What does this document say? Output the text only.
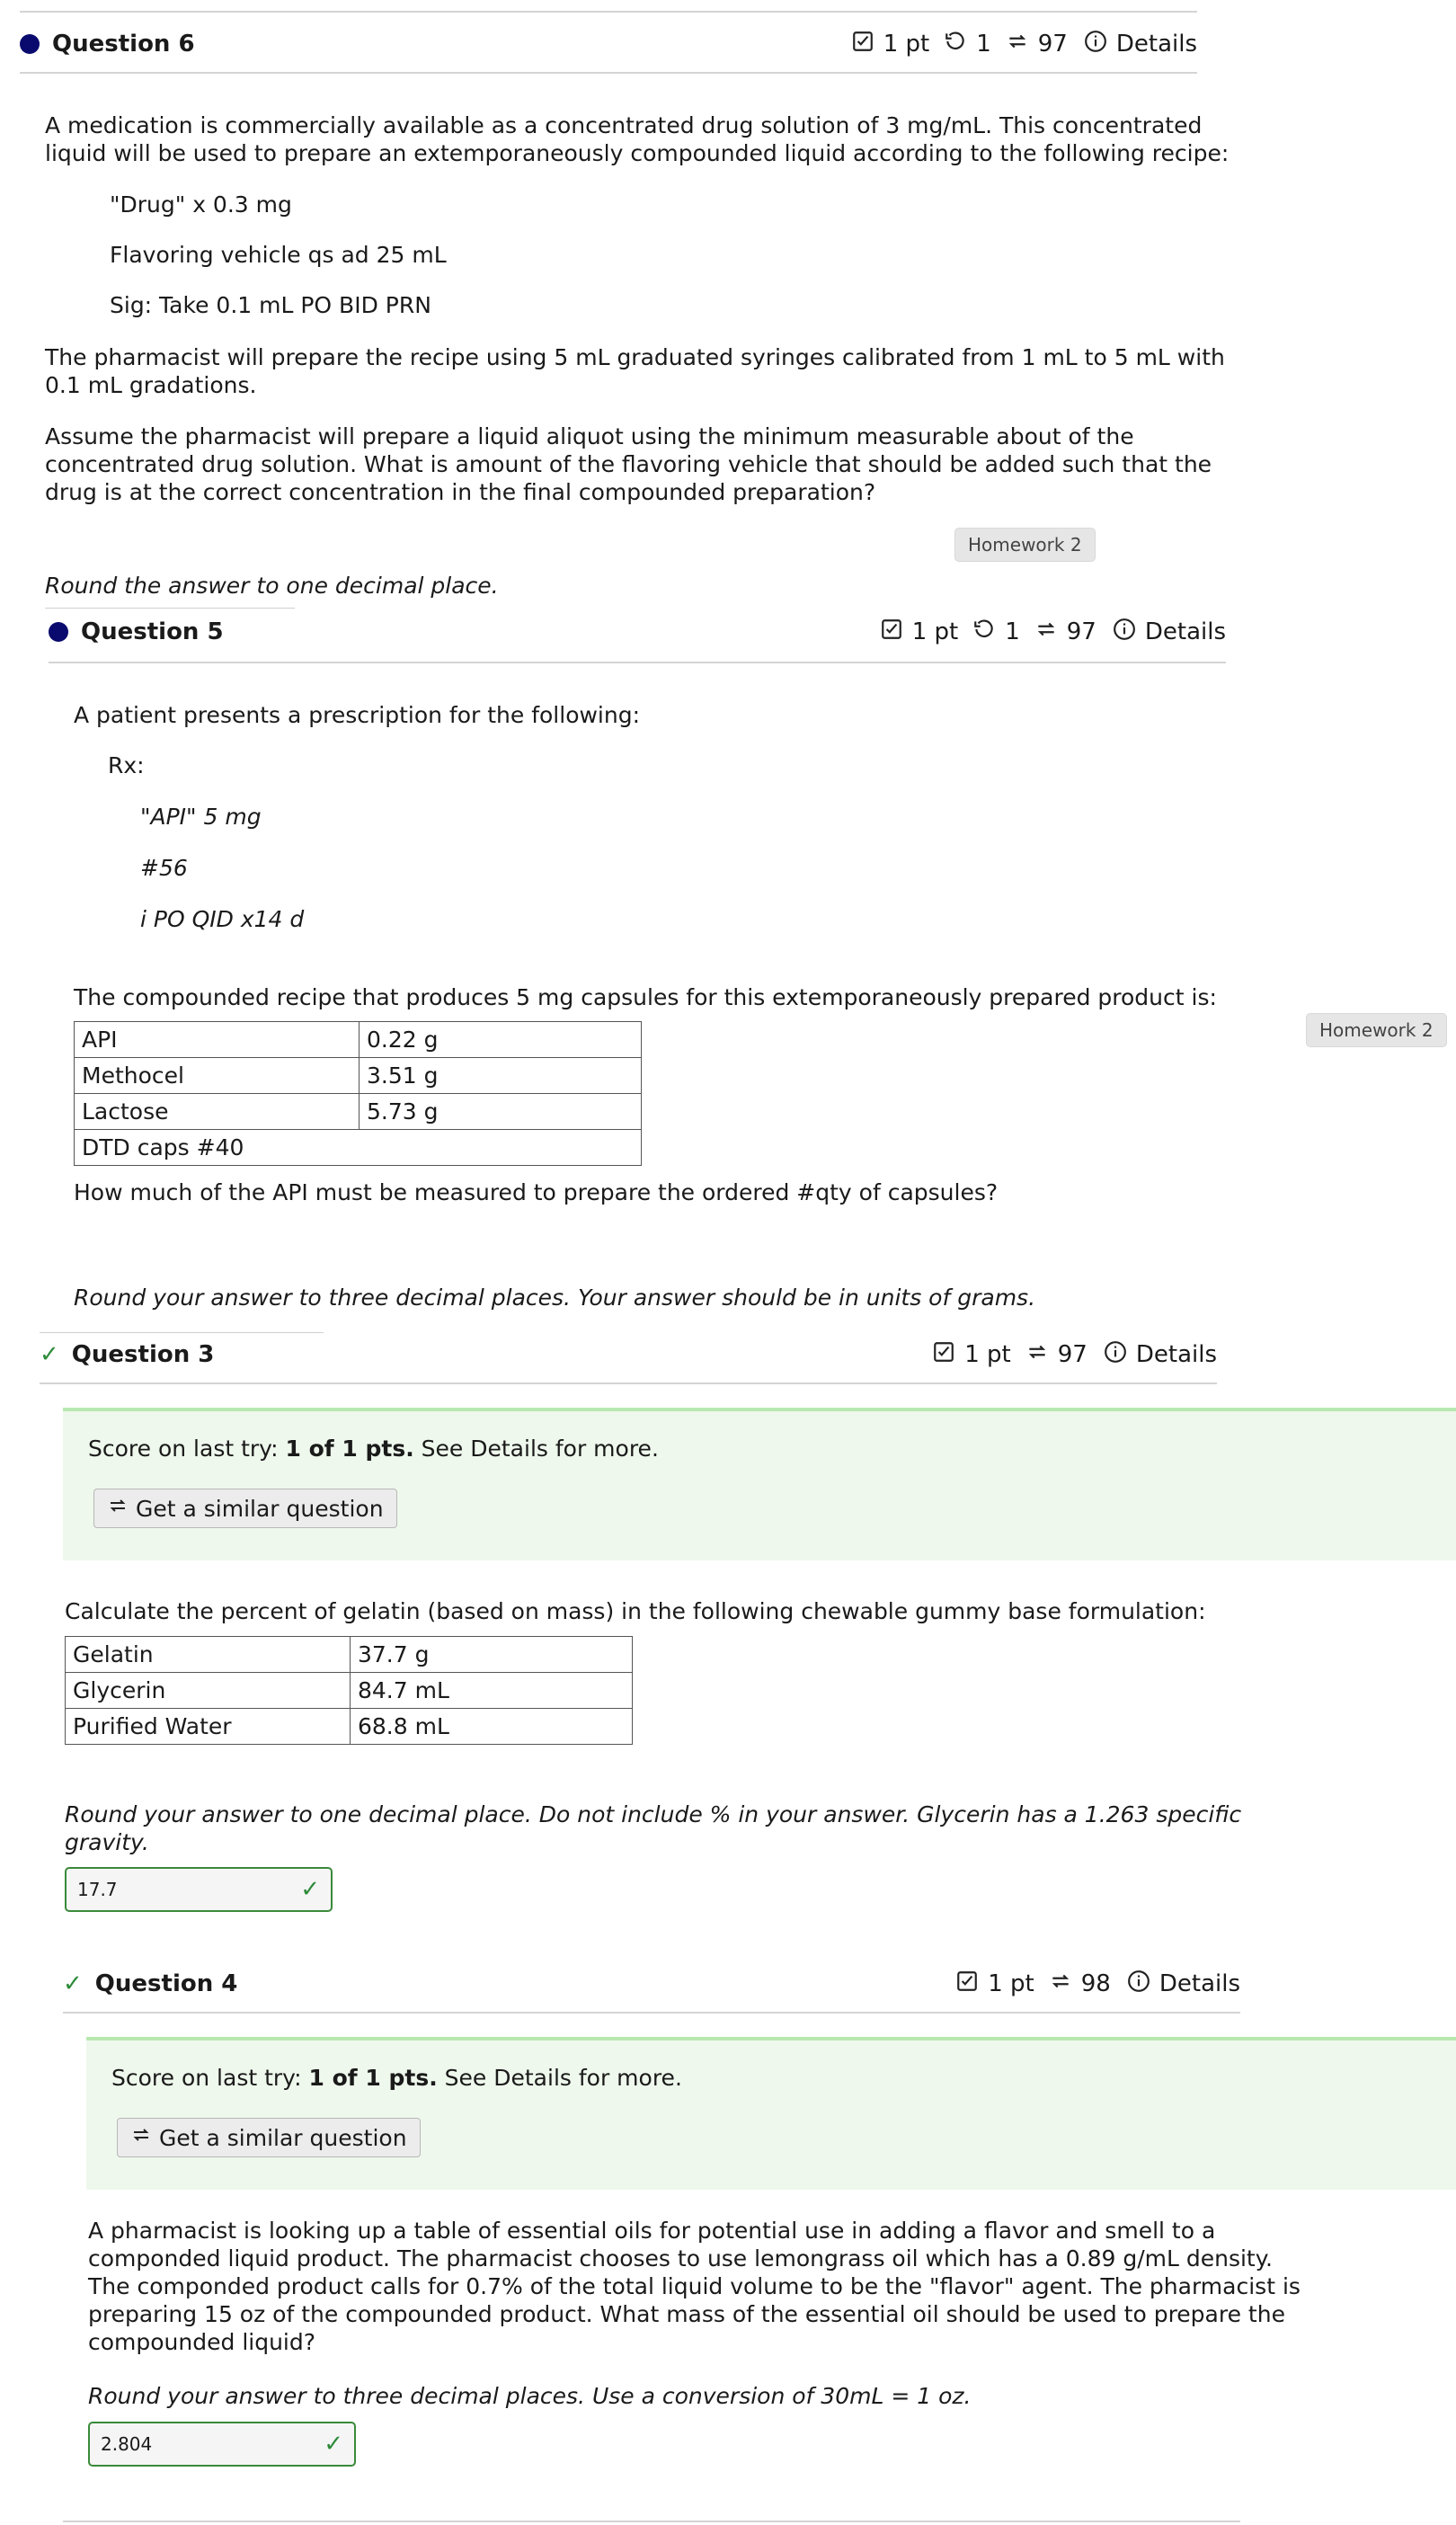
Question 6	1 pt 1 97 Details
A medication is commercially available as a concentrated drug solution of 3 mg/mL. This concentrated
liquid will be used to prepare an extemporaneously compounded liquid according to the following recipe:
"Drug" x 0.3 mg
Flavoring vehicle qs ad 25 mL
Sig: Take 0.1 mL PO BID PRN
The pharmacist will prepare the recipe using 5 mL graduated syringes calibrated from 1 mL to 5 mL with
0.1 mL gradations.
Assume the pharmacist will prepare a liquid aliquot using the minimum measurable about of the
concentrated drug solution. What is amount of the flavoring vehicle that should be added such that the
drug is at the correct concentration in the final compounded preparation?
Homework 2
Round the answer to one decimal place.
Question 5	1 pt 1 97 Details
A patient presents a prescription for the following:
Rx:
"API" 5 mg
#56
i PO QID x14 d
The compounded recipe that produces 5 mg capsules for this extemporaneously prepared product is:
API	0.22 g
Methocel	3.51 g
Lactose	5.73 g
DTD caps #40	
How much of the API must be measured to prepare the ordered #qty of capsules?
Round your answer to three decimal places. Your answer should be in units of grams.
Homework 2
✓ Question 3	1 pt 97 Details
Score on last try: 1 of 1 pts. See Details for more.
Get a similar question
Calculate the percent of gelatin (based on mass) in the following chewable gummy base formulation:
Gelatin	37.7 g
Glycerin	84.7 mL
Purified Water	68.8 mL
Round your answer to one decimal place. Do not include % in your answer. Glycerin has a 1.263 specific
gravity.
17.7	✓
✓ Question 4	1 pt 98 Details
Score on last try: 1 of 1 pts. See Details for more.
Get a similar question
A pharmacist is looking up a table of essential oils for potential use in adding a flavor and smell to a
componded liquid product. The pharmacist chooses to use lemongrass oil which has a 0.89 g/mL density.
The componded product calls for 0.7% of the total liquid volume to be the "flavor" agent. The pharmacist is
preparing 15 oz of the compounded product. What mass of the essential oil should be used to prepare the
compounded liquid?
Round your answer to three decimal places. Use a conversion of 30mL = 1 oz.
2.804	✓
